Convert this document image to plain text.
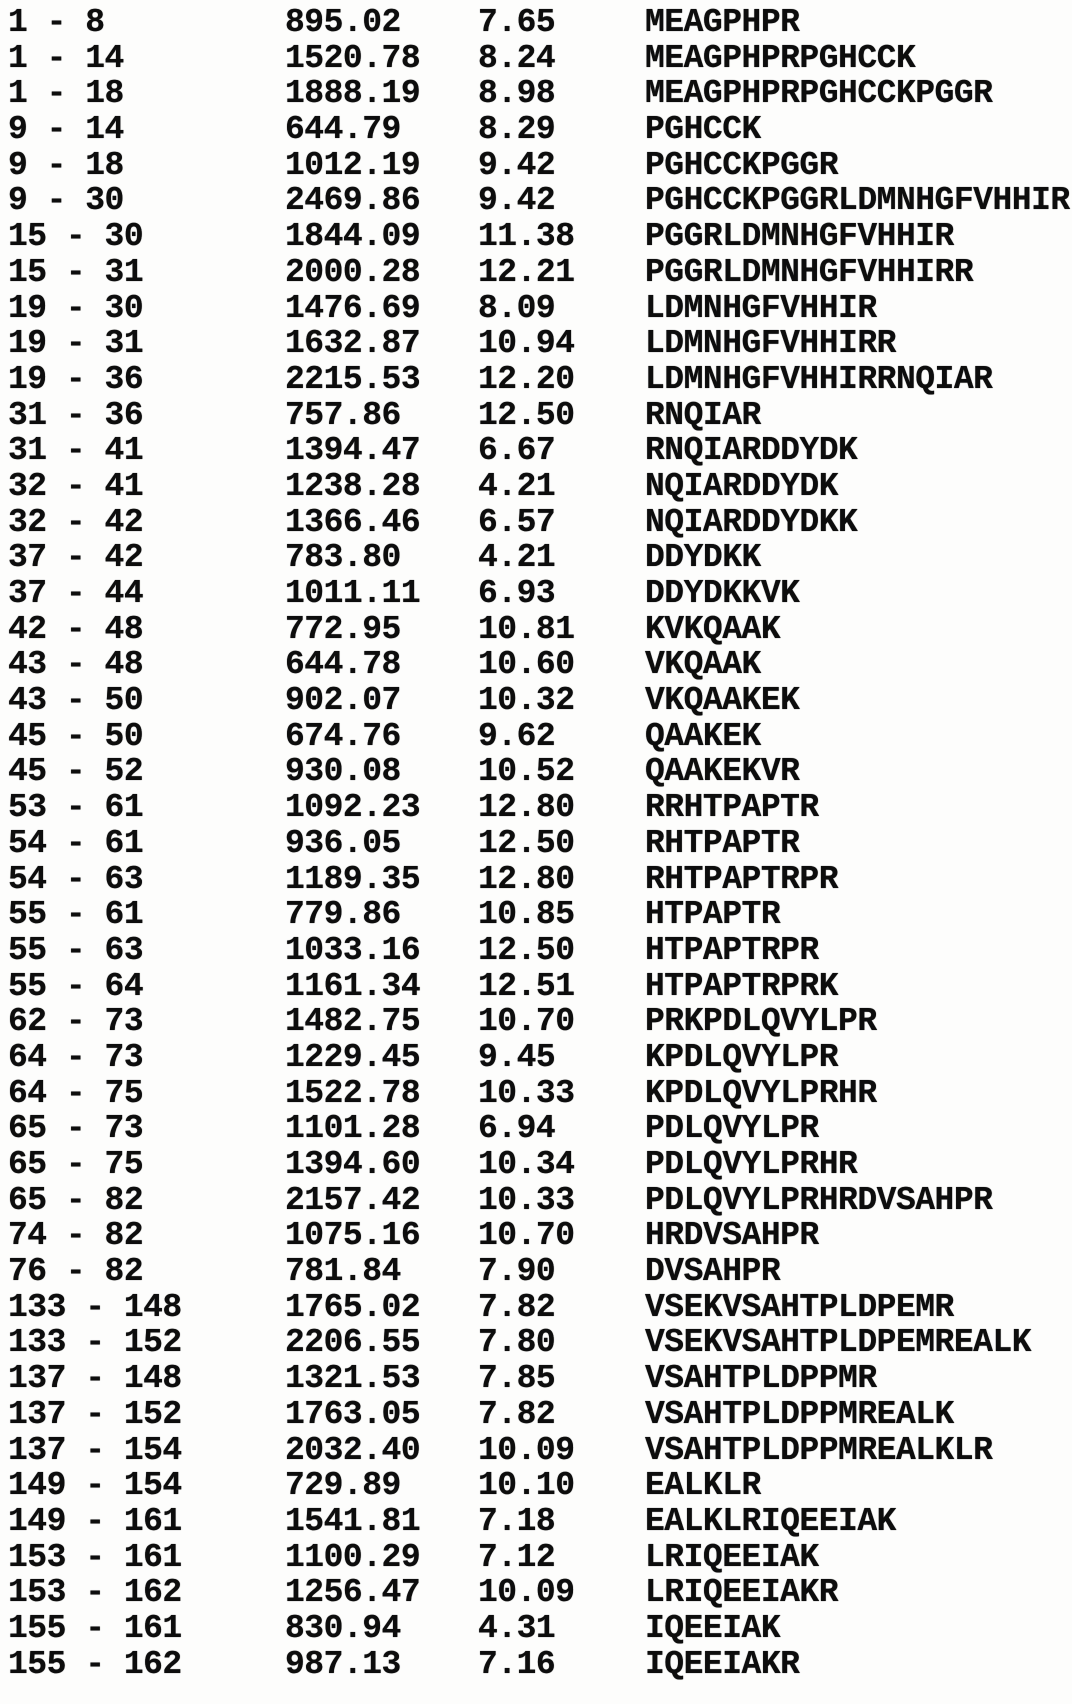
1 - 8	895.02	7.65	MEAGPHPR
1 - 14	1520.78	8.24	MEAGPHPRPGHCCK
1 - 18	1888.19	8.98	MEAGPHPRPGHCCKPGGR
9 - 14	644.79	8.29	PGHCCK
9 - 18	1012.19	9.42	PGHCCKPGGR
9 - 30	2469.86	9.42	PGHCCKPGGRLDMNHGFVHHIR
15 - 30	1844.09	11.38	PGGRLDMNHGFVHHIR
15 - 31	2000.28	12.21	PGGRLDMNHGFVHHIRR
19 - 30	1476.69	8.09	LDMNHGFVHHIR
19 - 31	1632.87	10.94	LDMNHGFVHHIRR
19 - 36	2215.53	12.20	LDMNHGFVHHIRRNQIAR
31 - 36	757.86	12.50	RNQIAR
31 - 41	1394.47	6.67	RNQIARDDYDK
32 - 41	1238.28	4.21	NQIARDDYDK
32 - 42	1366.46	6.57	NQIARDDYDKK
37 - 42	783.80	4.21	DDYDKK
37 - 44	1011.11	6.93	DDYDKKVK
42 - 48	772.95	10.81	KVKQAAK
43 - 48	644.78	10.60	VKQAAK
43 - 50	902.07	10.32	VKQAAKEK
45 - 50	674.76	9.62	QAAKEK
45 - 52	930.08	10.52	QAAKEKVR
53 - 61	1092.23	12.80	RRHTPAPTR
54 - 61	936.05	12.50	RHTPAPTR
54 - 63	1189.35	12.80	RHTPAPTRPR
55 - 61	779.86	10.85	HTPAPTR
55 - 63	1033.16	12.50	HTPAPTRPR
55 - 64	1161.34	12.51	HTPAPTRPRK
62 - 73	1482.75	10.70	PRKPDLQVYLPR
64 - 73	1229.45	9.45	KPDLQVYLPR
64 - 75	1522.78	10.33	KPDLQVYLPRHR
65 - 73	1101.28	6.94	PDLQVYLPR
65 - 75	1394.60	10.34	PDLQVYLPRHR
65 - 82	2157.42	10.33	PDLQVYLPRHRDVSAHPR
74 - 82	1075.16	10.70	HRDVSAHPR
76 - 82	781.84	7.90	DVSAHPR
133 - 148	1765.02	7.82	VSEKVSAHTPLDPEMR
133 - 152	2206.55	7.80	VSEKVSAHTPLDPEMREALK
137 - 148	1321.53	7.85	VSAHTPLDPPMR
137 - 152	1763.05	7.82	VSAHTPLDPPMREALK
137 - 154	2032.40	10.09	VSAHTPLDPPMREALKLR
149 - 154	729.89	10.10	EALKLR
149 - 161	1541.81	7.18	EALKLRIQEEIAK
153 - 161	1100.29	7.12	LRIQEEIAK
153 - 162	1256.47	10.09	LRIQEEIAKR
155 - 161	830.94	4.31	IQEEIAK
155 - 162	987.13	7.16	IQEEIAKR
